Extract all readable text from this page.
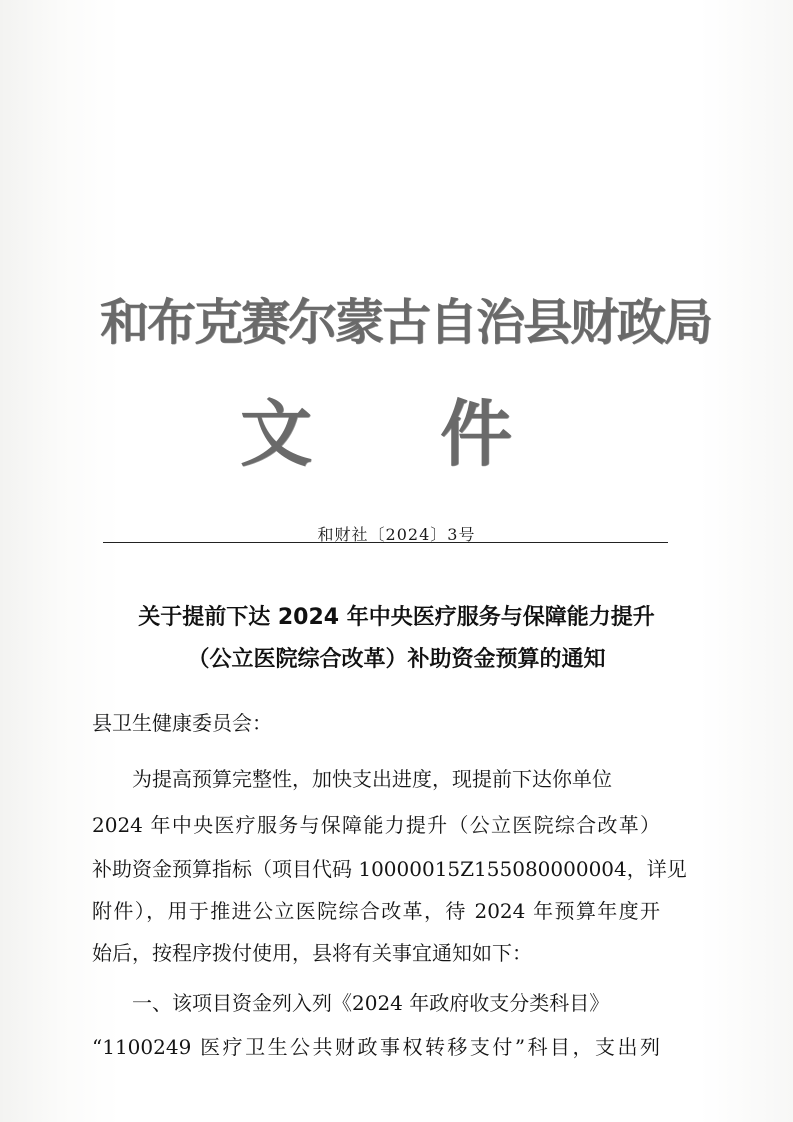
和布克赛尔蒙古自治县财政局
文 件
和财社〔2024〕3号
关于提前下达 2024 年中央医疗服务与保障能力提升
（公立医院综合改革）补助资金预算的通知
县卫生健康委员会：
为提高预算完整性，加快支出进度，现提前下达你单位
2024 年中央医疗服务与保障能力提升（公立医院综合改革）
补助资金预算指标（项目代码 10000015Z155080000004，详见
附件），用于推进公立医院综合改革，待 2024 年预算年度开
始后，按程序拨付使用，县将有关事宜通知如下：
一、该项目资金列入列《2024 年政府收支分类科目》
“1100249 医疗卫生公共财政事权转移支付”科目，支出列
